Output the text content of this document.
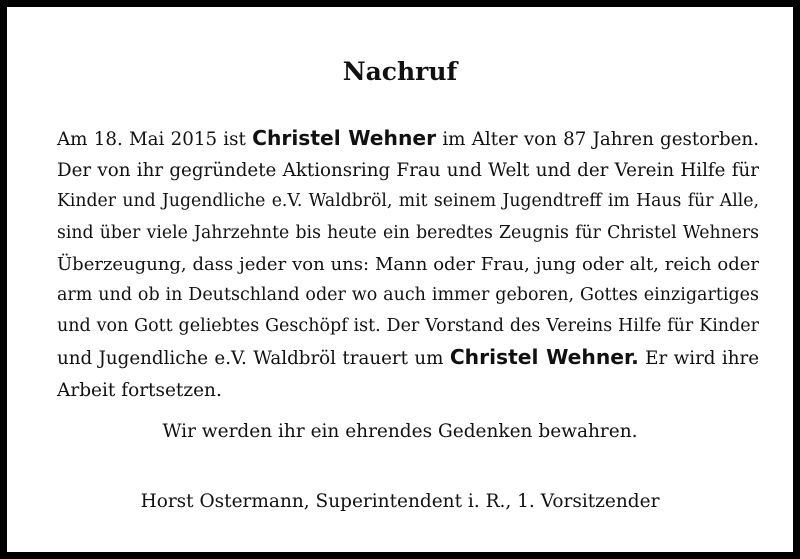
Nachruf
Am 18. Mai 2015 ist Christel Wehner im Alter von 87 Jahren gestorben.
Der von ihr gegründete Aktionsring Frau und Welt und der Verein Hilfe für
Kinder und Jugendliche e.V. Waldbröl, mit seinem Jugendtreff im Haus für Alle,
sind über viele Jahrzehnte bis heute ein beredtes Zeugnis für Christel Wehners
Überzeugung, dass jeder von uns: Mann oder Frau, jung oder alt, reich oder
arm und ob in Deutschland oder wo auch immer geboren, Gottes einzigartiges
und von Gott geliebtes Geschöpf ist. Der Vorstand des Vereins Hilfe für Kinder
und Jugendliche e.V. Waldbröl trauert um Christel Wehner. Er wird ihre
Arbeit fortsetzen.

Wir werden ihr ein ehrendes Gedenken bewahren.

Horst Ostermann, Superintendent i. R., 1. Vorsitzender
